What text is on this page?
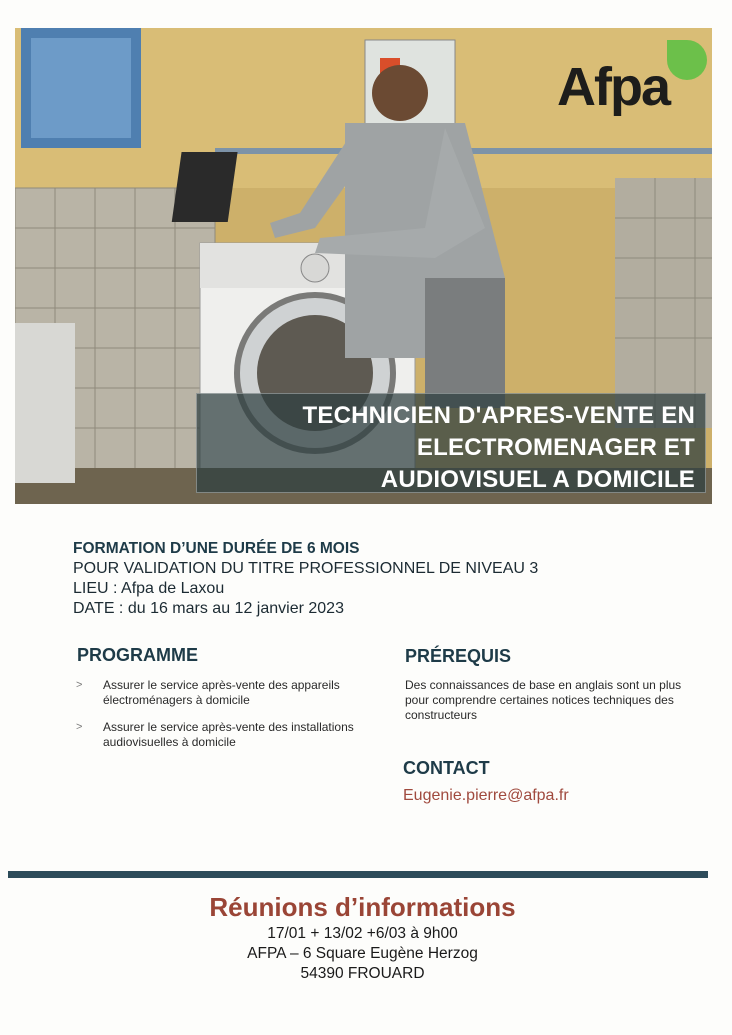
Afpa
TECHNICIEN D'APRES-VENTE EN
ELECTROMENAGER ET
AUDIOVISUEL A DOMICILE
FORMATION D’UNE DURÉE DE 6 MOIS
POUR VALIDATION DU TITRE PROFESSIONNEL DE NIVEAU 3
LIEU : Afpa de Laxou
DATE : du 16 mars au 12 janvier 2023
PROGRAMME
> Assurer le service après-vente des appareils électroménagers à domicile
> Assurer le service après-vente des installations audiovisuelles à domicile
PRÉREQUIS
Des connaissances de base en anglais sont un plus pour comprendre certaines notices techniques des constructeurs
CONTACT
Eugenie.pierre@afpa.fr
Réunions d’informations
17/01 + 13/02 +6/03 à 9h00
AFPA – 6 Square Eugène Herzog
54390 FROUARD
